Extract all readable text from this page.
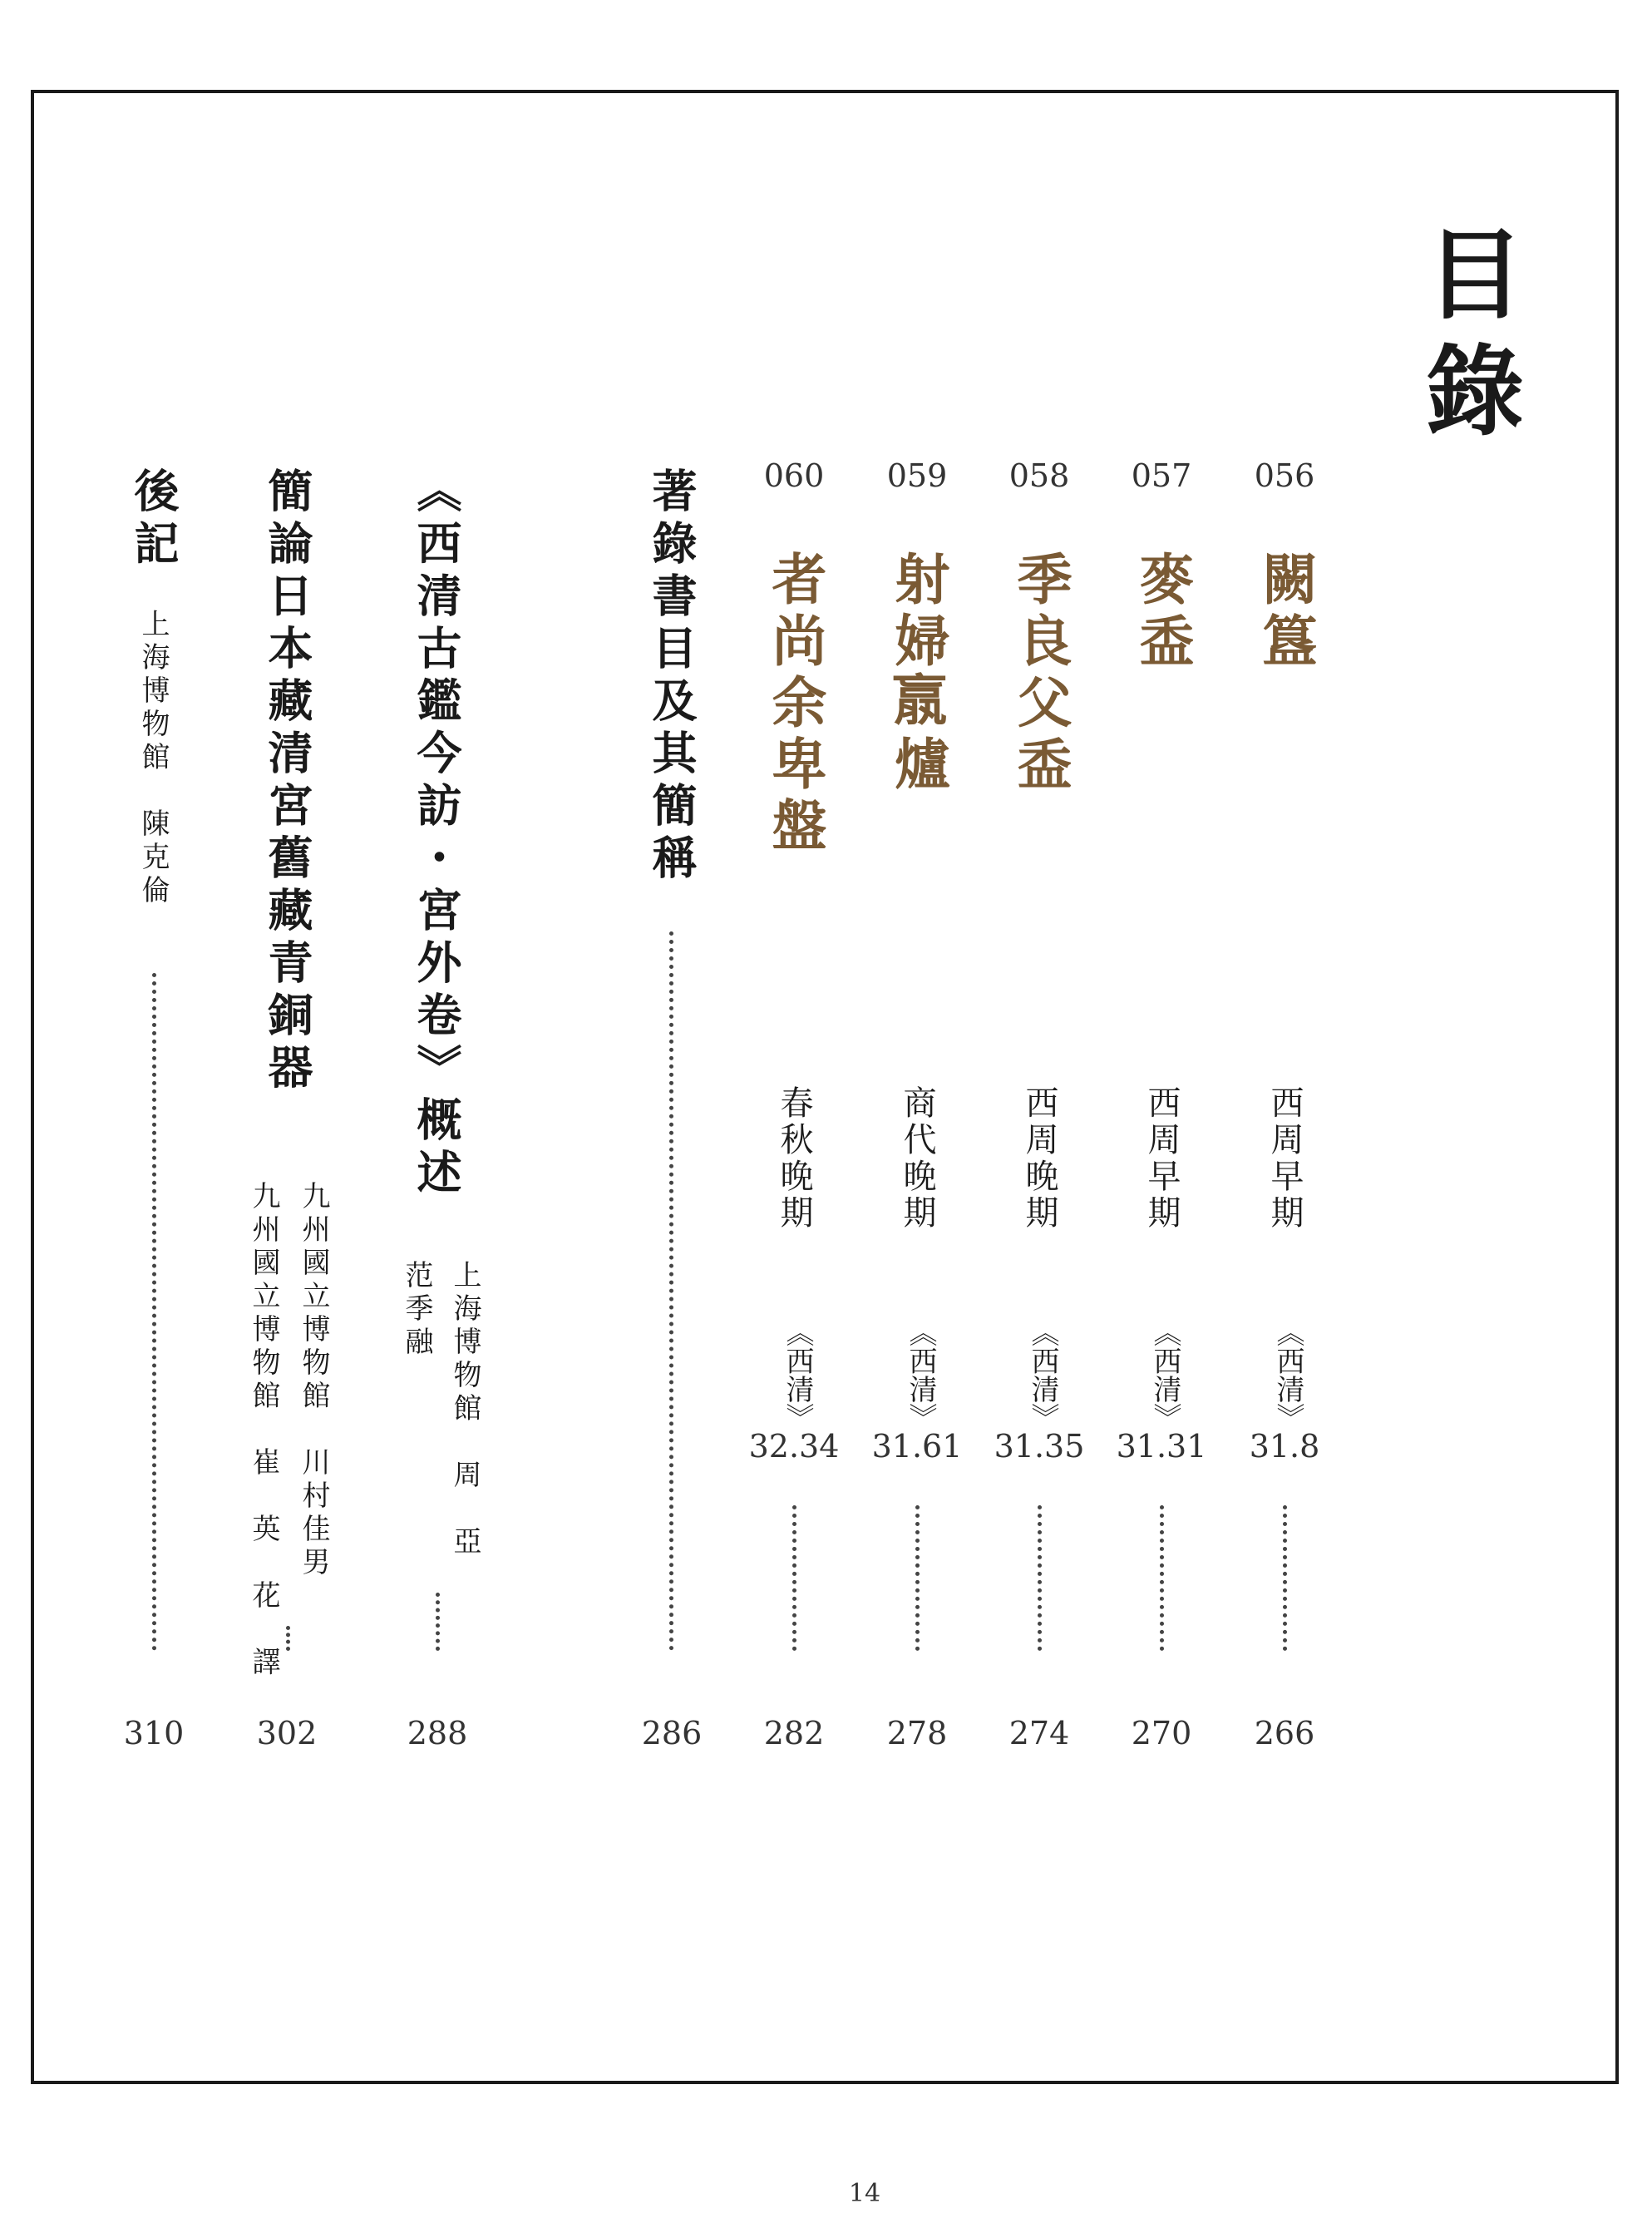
目錄
056
闕簋
西周早期
《西清》
31.8
266
057
麥盉
西周早期
《西清》
31.31
270
058
季良父盉
西周晚期
《西清》
31.35
274
059
射婦𣎆爐
商代晚期
《西清》
31.61
278
060
者尚余卑盤
春秋晚期
《西清》
32.34
282
著錄書目及其簡稱
286
《西清古鑑今訪・宮外卷》概述
上海博物館　周　亞
范季融
288
簡論日本藏清宮舊藏青銅器
九州國立博物館　川村佳男
九州國立博物館　崔　英　花　譯
302
後記
上海博物館　陳克倫
310
14
